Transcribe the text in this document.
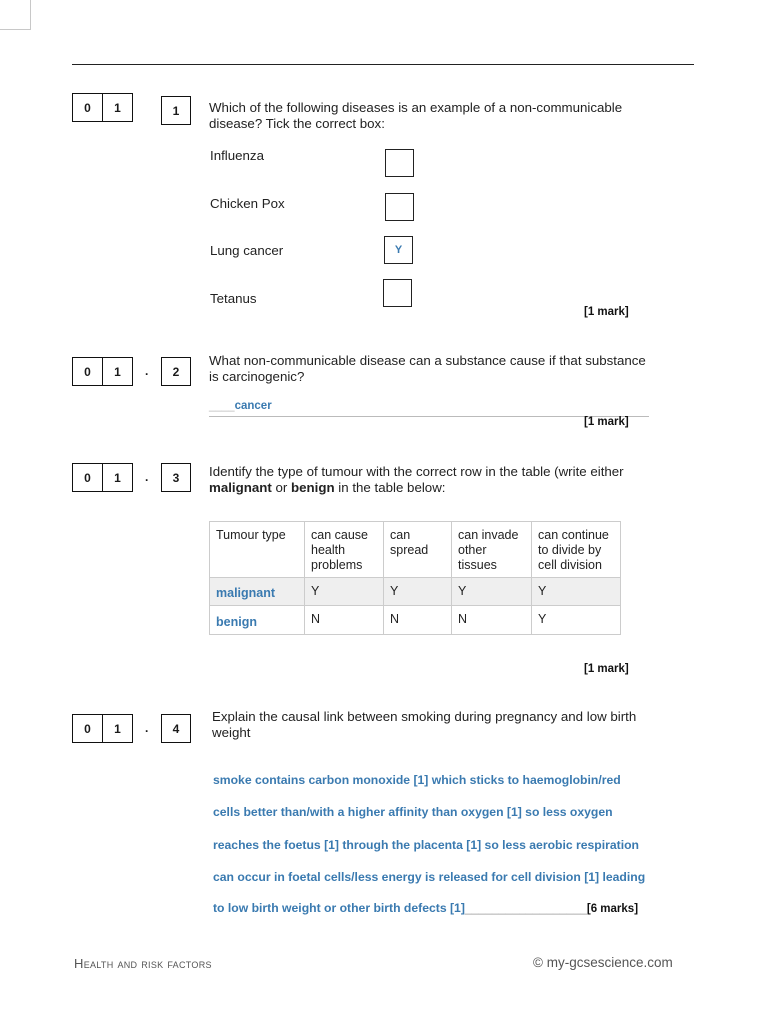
0	1	1	Which of the following diseases is an example of a non-communicable disease? Tick the correct box:
Influenza
Chicken Pox
Lung cancer	Y
Tetanus
[1 mark]
0	1	.	2
What non-communicable disease can a substance cause if that substance is carcinogenic?
____cancer
[1 mark]
0	1	.	3	Identify the type of tumour with the correct row in the table (write either malignant or benign in the table below:
Tumour type	can cause health problems	can spread	can invade other tissues	can continue to divide by cell division
malignant	Y	Y	Y	Y
benign	N	N	N	Y
[1 mark]
0	1	.	4
Explain the causal link between smoking during pregnancy and low birth weight
smoke contains carbon monoxide [1] which sticks to haemoglobin/red
cells better than/with a higher affinity than oxygen [1] so less oxygen
reaches the foetus [1] through the placenta [1] so less aerobic respiration
can occur in foetal cells/less energy is released for cell division [1] leading
to low birth weight or other birth defects [1]__________________[6 marks]
Health and risk factors	© my-gcsescience.com
